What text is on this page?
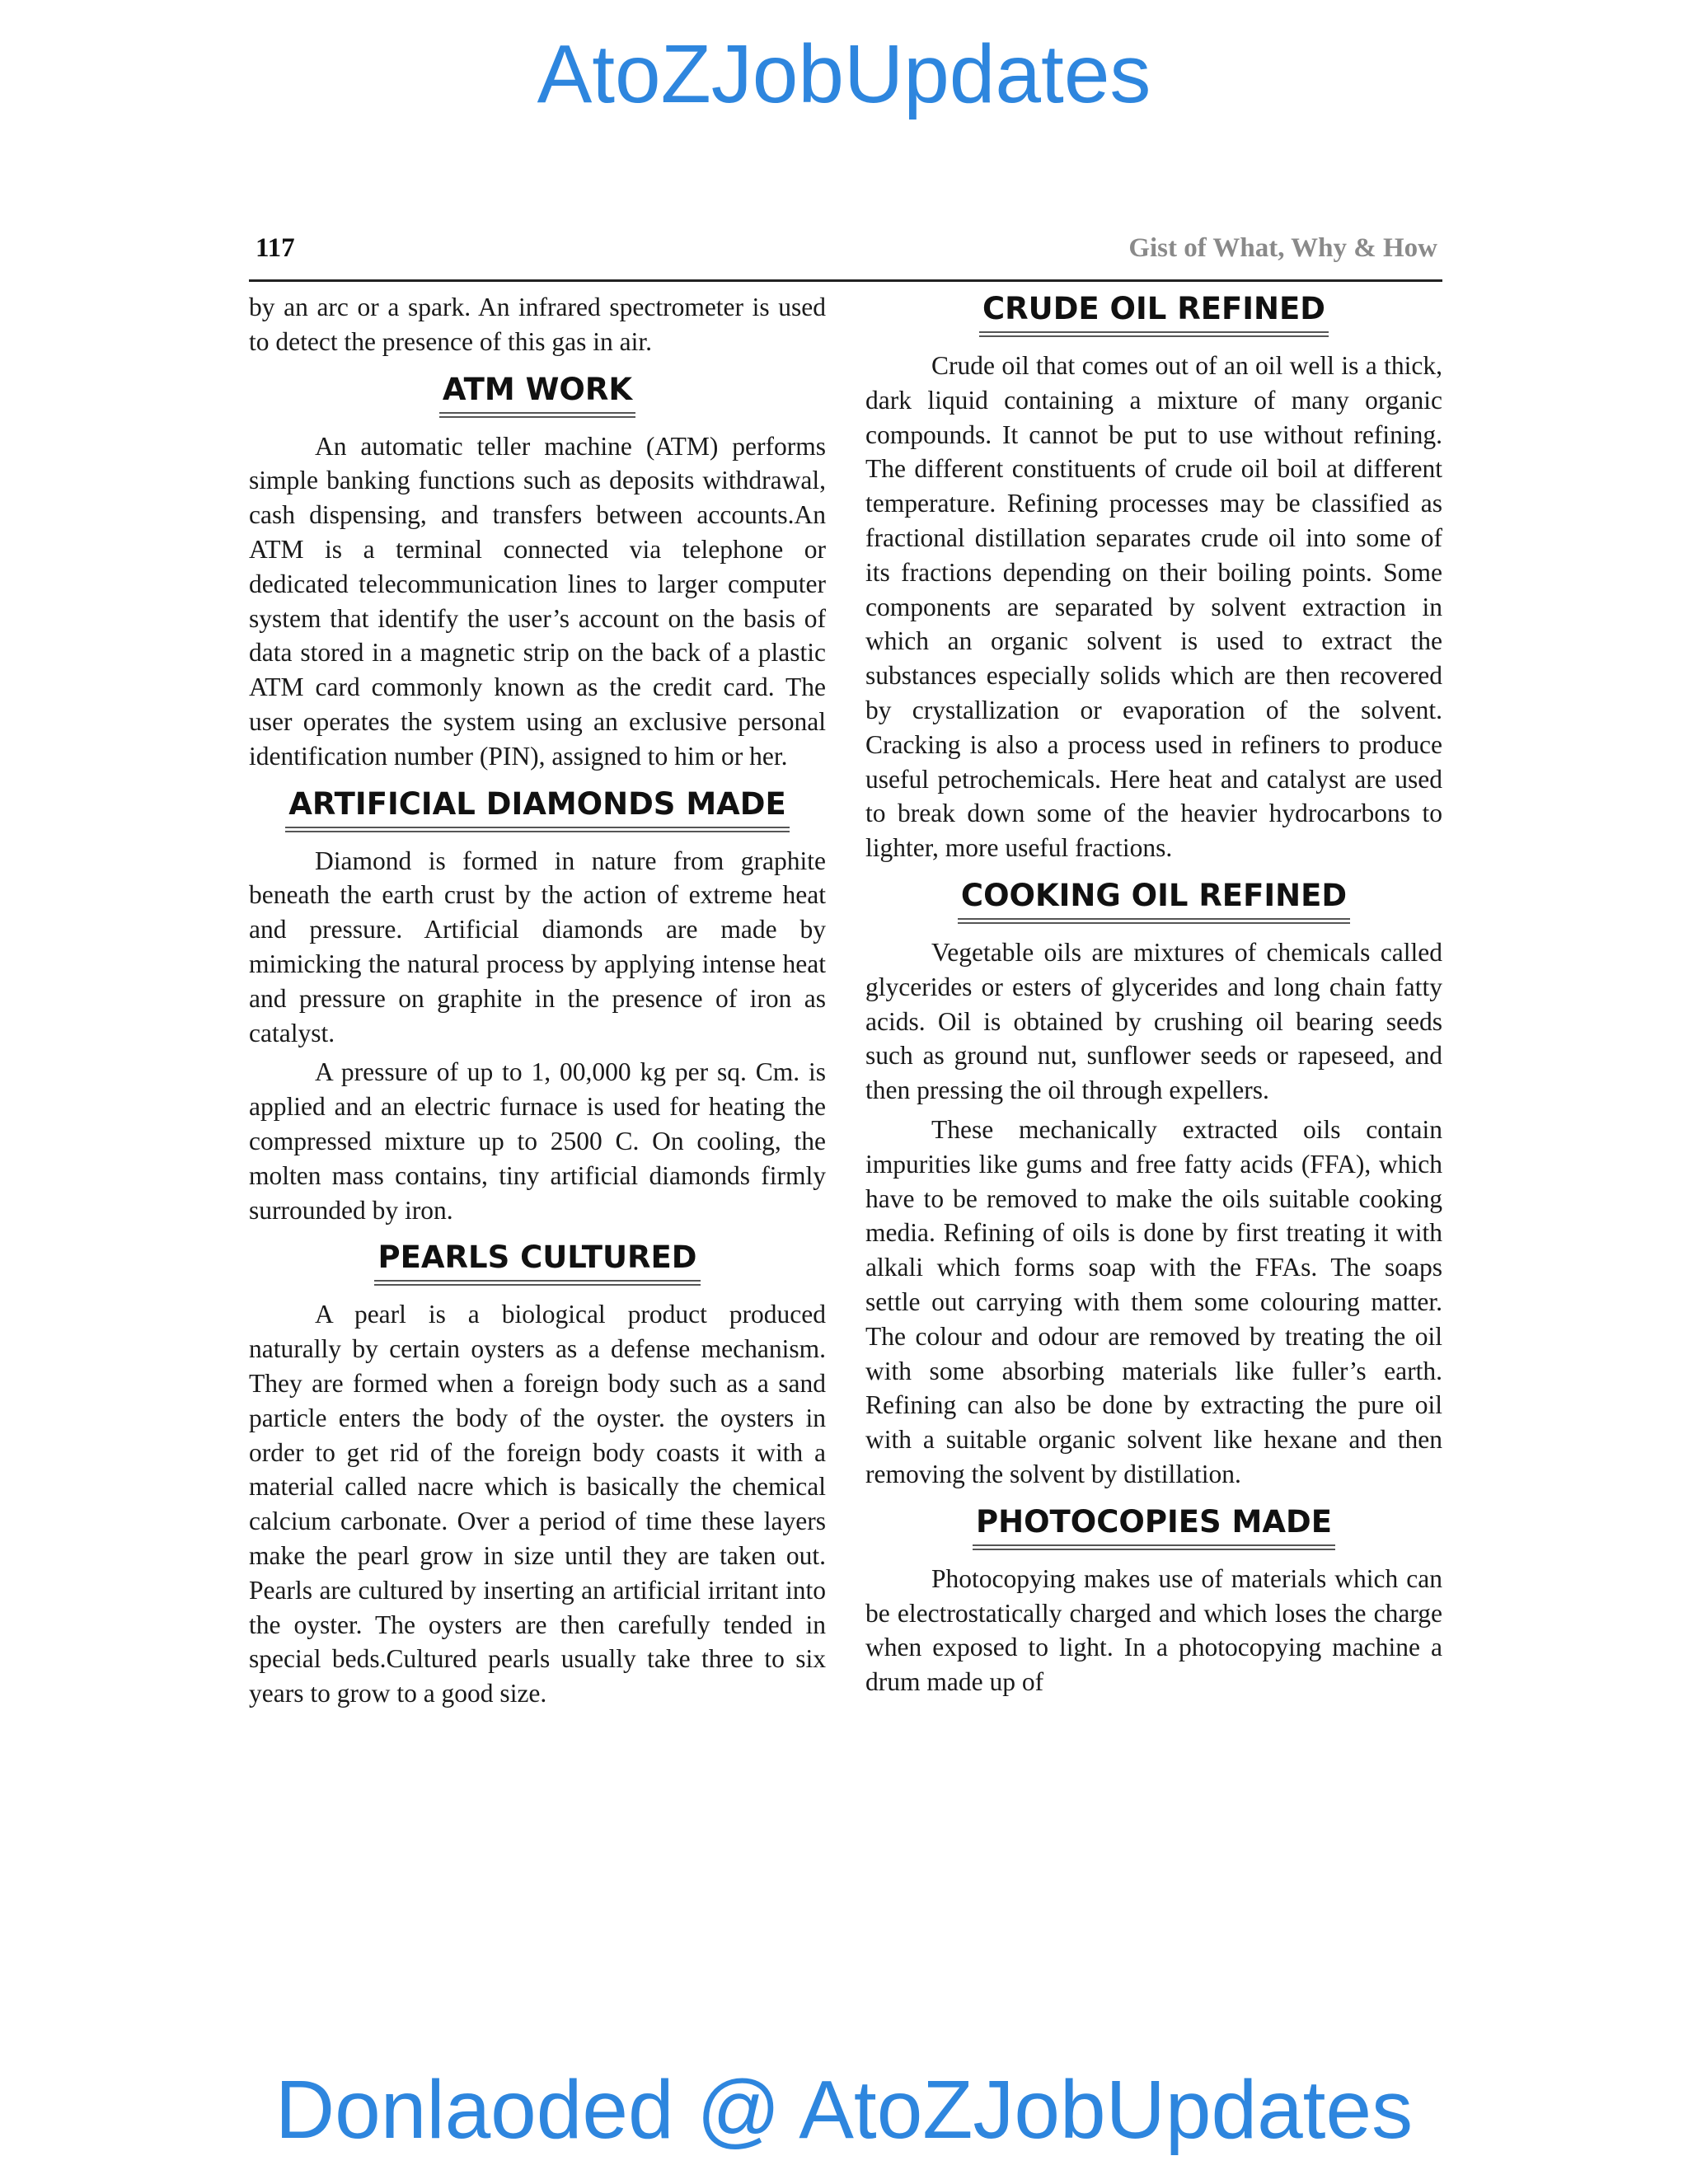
AtoZJobUpdates
117	Gist of What, Why & How

by an arc or a spark. An infrared spectrometer is used to detect the presence of this gas in air.

ATM WORK

An automatic teller machine (ATM) performs simple banking functions such as deposits withdrawal, cash dispensing, and transfers between accounts.An ATM is a terminal connected via telephone or dedicated telecommunication lines to larger computer system that identify the user’s account on the basis of data stored in a magnetic strip on the back of a plastic ATM card commonly known as the credit card. The user operates the system using an exclusive personal identification number (PIN), assigned to him or her.

ARTIFICIAL DIAMONDS MADE

Diamond is formed in nature from graphite beneath the earth crust by the action of extreme heat and pressure. Artificial diamonds are made by mimicking the natural process by applying intense heat and pressure on graphite in the presence of iron as catalyst.

A pressure of up to 1, 00,000 kg per sq. Cm. is applied and an electric furnace is used for heating the compressed mixture up to 2500 C. On cooling, the molten mass contains, tiny artificial diamonds firmly surrounded by iron.

PEARLS CULTURED

A pearl is a biological product produced naturally by certain oysters as a defense mechanism. They are formed when a foreign body such as a sand particle enters the body of the oyster. the oysters in order to get rid of the foreign body coasts it with a material called nacre which is basically the chemical calcium carbonate. Over a period of time these layers make the pearl grow in size until they are taken out. Pearls are cultured by inserting an artificial irritant into the oyster. The oysters are then carefully tended in special beds.Cultured pearls usually take three to six years to grow to a good size.

CRUDE OIL REFINED

Crude oil that comes out of an oil well is a thick, dark liquid containing a mixture of many organic compounds. It cannot be put to use without refining. The different constituents of crude oil boil at different temperature. Refining processes may be classified as fractional distillation separates crude oil into some of its fractions depending on their boiling points. Some components are separated by solvent extraction in which an organic solvent is used to extract the substances especially solids which are then recovered by crystallization or evaporation of the solvent. Cracking is also a process used in refiners to produce useful petrochemicals. Here heat and catalyst are used to break down some of the heavier hydrocarbons to lighter, more useful fractions.

COOKING OIL REFINED

Vegetable oils are mixtures of chemicals called glycerides or esters of glycerides and long chain fatty acids. Oil is obtained by crushing oil bearing seeds such as ground nut, sunflower seeds or rapeseed, and then pressing the oil through expellers.

These mechanically extracted oils contain impurities like gums and free fatty acids (FFA), which have to be removed to make the oils suitable cooking media. Refining of oils is done by first treating it with alkali which forms soap with the FFAs. The soaps settle out carrying with them some colouring matter. The colour and odour are removed by treating the oil with some absorbing materials like fuller’s earth. Refining can also be done by extracting the pure oil with a suitable organic solvent like hexane and then removing the solvent by distillation.

PHOTOCOPIES MADE

Photocopying makes use of materials which can be electrostatically charged and which loses the charge when exposed to light. In a photocopying machine a drum made up of

Donlaoded @ AtoZJobUpdates
